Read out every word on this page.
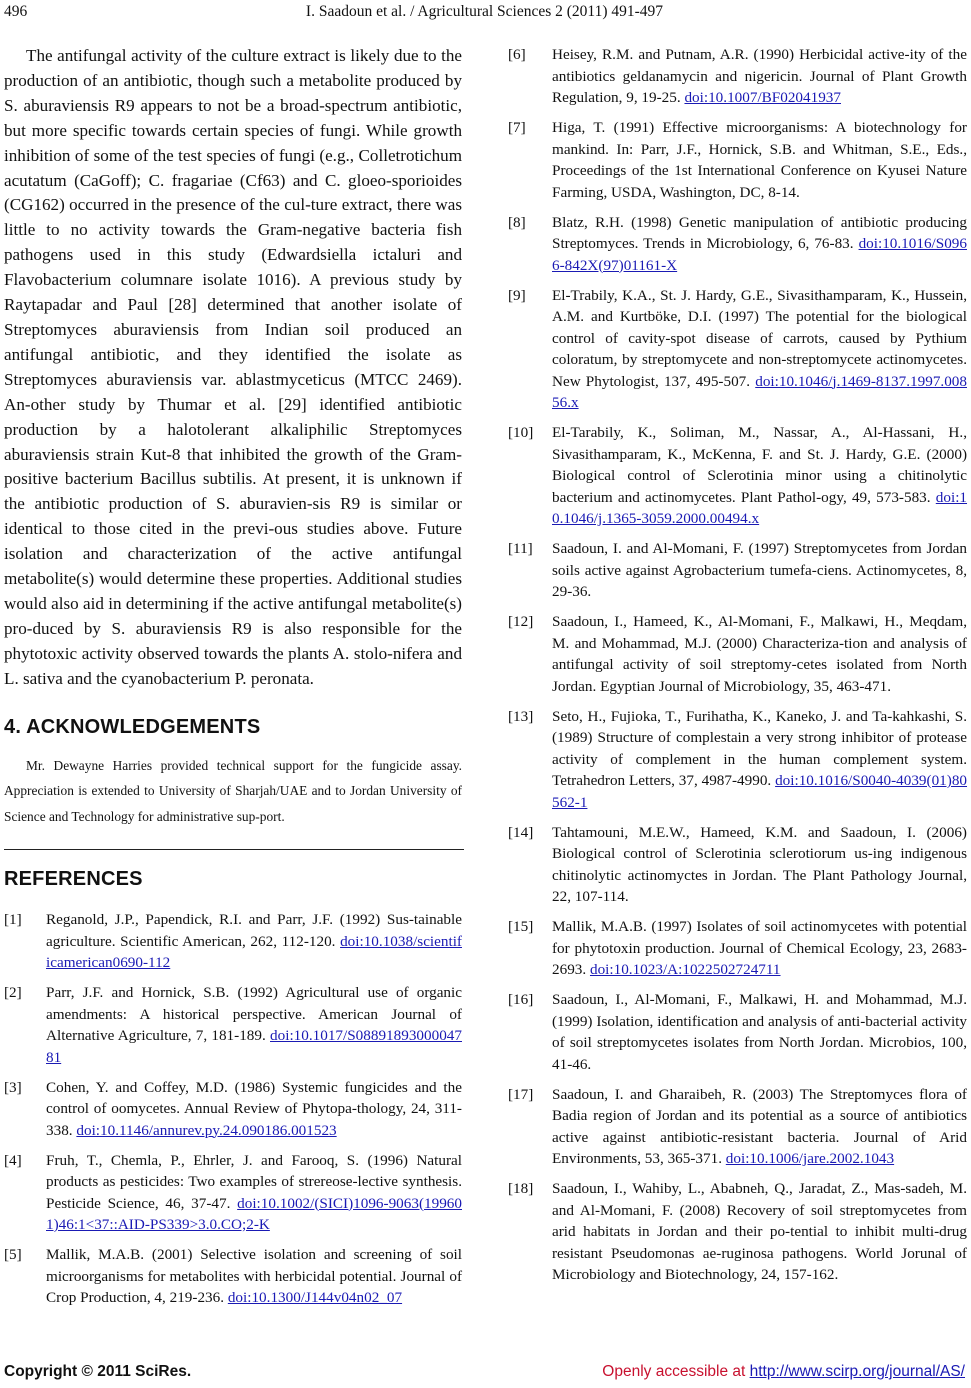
496	I. Saadoun et al. / Agricultural Sciences 2 (2011) 491-497

The antifungal activity of the culture extract is likely due to the production of an antibiotic, though such a metabolite produced by S. aburaviensis R9 appears to not be a broad-spectrum antibiotic, but more specific towards certain species of fungi. While growth inhibition of some of the test species of fungi (e.g., Colletrotichum acutatum (CaGoff); C. fragariae (Cf63) and C. gloeo-sporioides (CG162) occurred in the presence of the cul-ture extract, there was little to no activity towards the Gram-negative bacteria fish pathogens used in this study (Edwardsiella ictaluri and Flavobacterium columnare isolate 1016). A previous study by Raytapadar and Paul [28] determined that another isolate of Streptomyces aburaviensis from Indian soil produced an antifungal antibiotic, and they identified the isolate as Streptomyces aburaviensis var. ablastmyceticus (MTCC 2469). An-other study by Thumar et al. [29] identified antibiotic production by a halotolerant alkaliphilic Streptomyces aburaviensis strain Kut-8 that inhibited the growth of the Gram-positive bacterium Bacillus subtilis. At present, it is unknown if the antibiotic production of S. aburavien-sis R9 is similar or identical to those cited in the previ-ous studies above. Future isolation and characterization of the active antifungal metabolite(s) would determine these properties. Additional studies would also aid in determining if the active antifungal metabolite(s) pro-duced by S. aburaviensis R9 is also responsible for the phytotoxic activity observed towards the plants A. stolo-nifera and L. sativa and the cyanobacterium P. peronata.

4. ACKNOWLEDGEMENTS

Mr. Dewayne Harries provided technical support for the fungicide assay. Appreciation is extended to University of Sharjah/UAE and to Jordan University of Science and Technology for administrative sup-port.

REFERENCES
[1] Reganold, J.P., Papendick, R.I. and Parr, J.F. (1992) Sus-tainable agriculture. Scientific American, 262, 112-120. doi:10.1038/scientificamerican0690-112
[2] Parr, J.F. and Hornick, S.B. (1992) Agricultural use of organic amendments: A historical perspective. American Journal of Alternative Agriculture, 7, 181-189. doi:10.1017/S0889189300004781
[3] Cohen, Y. and Coffey, M.D. (1986) Systemic fungicides and the control of oomycetes. Annual Review of Phytopa-thology, 24, 311-338. doi:10.1146/annurev.py.24.090186.001523
[4] Fruh, T., Chemla, P., Ehrler, J. and Farooq, S. (1996) Natural products as pesticides: Two examples of strereose-lective synthesis. Pesticide Science, 46, 37-47. doi:10.1002/(SICI)1096-9063(199601)46:1<37::AID-PS339>3.0.CO;2-K
[5] Mallik, M.A.B. (2001) Selective isolation and screening of soil microorganisms for metabolites with herbicidal potential. Journal of Crop Production, 4, 219-236. doi:10.1300/J144v04n02_07
[6] Heisey, R.M. and Putnam, A.R. (1990) Herbicidal active-ity of the antibiotics geldanamycin and nigericin. Journal of Plant Growth Regulation, 9, 19-25. doi:10.1007/BF02041937
[7] Higa, T. (1991) Effective microorganisms: A biotechnology for mankind. In: Parr, J.F., Hornick, S.B. and Whitman, S.E., Eds., Proceedings of the 1st International Conference on Kyusei Nature Farming, USDA, Washington, DC, 8-14.
[8] Blatz, R.H. (1998) Genetic manipulation of antibiotic producing Streptomyces. Trends in Microbiology, 6, 76-83. doi:10.1016/S0966-842X(97)01161-X
[9] El-Trabily, K.A., St. J. Hardy, G.E., Sivasithamparam, K., Hussein, A.M. and Kurtböke, D.I. (1997) The potential for the biological control of cavity-spot disease of carrots, caused by Pythium coloratum, by streptomycete and non-streptomycete actinomycetes. New Phytologist, 137, 495-507. doi:10.1046/j.1469-8137.1997.00856.x
[10] El-Tarabily, K., Soliman, M., Nassar, A., Al-Hassani, H., Sivasithamparam, K., McKenna, F. and St. J. Hardy, G.E. (2000) Biological control of Sclerotinia minor using a chitinolytic bacterium and actinomycetes. Plant Pathol-ogy, 49, 573-583. doi:10.1046/j.1365-3059.2000.00494.x
[11] Saadoun, I. and Al-Momani, F. (1997) Streptomycetes from Jordan soils active against Agrobacterium tumefa-ciens. Actinomycetes, 8, 29-36.
[12] Saadoun, I., Hameed, K., Al-Momani, F., Malkawi, H., Meqdam, M. and Mohammad, M.J. (2000) Characteriza-tion and analysis of antifungal activity of soil streptomy-cetes isolated from North Jordan. Egyptian Journal of Microbiology, 35, 463-471.
[13] Seto, H., Fujioka, T., Furihatha, K., Kaneko, J. and Ta-kahkashi, S. (1989) Structure of complestain a very strong inhibitor of protease activity of complement in the human complement system. Tetrahedron Letters, 37, 4987-4990. doi:10.1016/S0040-4039(01)80562-1
[14] Tahtamouni, M.E.W., Hameed, K.M. and Saadoun, I. (2006) Biological control of Sclerotinia sclerotiorum us-ing indigenous chitinolytic actinomyctes in Jordan. The Plant Pathology Journal, 22, 107-114.
[15] Mallik, M.A.B. (1997) Isolates of soil actinomycetes with potential for phytotoxin production. Journal of Chemical Ecology, 23, 2683-2693. doi:10.1023/A:1022502724711
[16] Saadoun, I., Al-Momani, F., Malkawi, H. and Mohammad, M.J. (1999) Isolation, identification and analysis of anti-bacterial activity of soil streptomycetes isolates from North Jordan. Microbios, 100, 41-46.
[17] Saadoun, I. and Gharaibeh, R. (2003) The Streptomyces flora of Badia region of Jordan and its potential as a source of antibiotics active against antibiotic-resistant bacteria. Journal of Arid Environments, 53, 365-371. doi:10.1006/jare.2002.1043
[18] Saadoun, I., Wahiby, L., Ababneh, Q., Jaradat, Z., Mas-sadeh, M. and Al-Momani, F. (2008) Recovery of soil streptomycetes from arid habitats in Jordan and their po-tential to inhibit multi-drug resistant Pseudomonas ae-ruginosa pathogens. World Jorunal of Microbiology and Biotechnology, 24, 157-162.
Copyright © 2011 SciRes.	Openly accessible at http://www.scirp.org/journal/AS/
